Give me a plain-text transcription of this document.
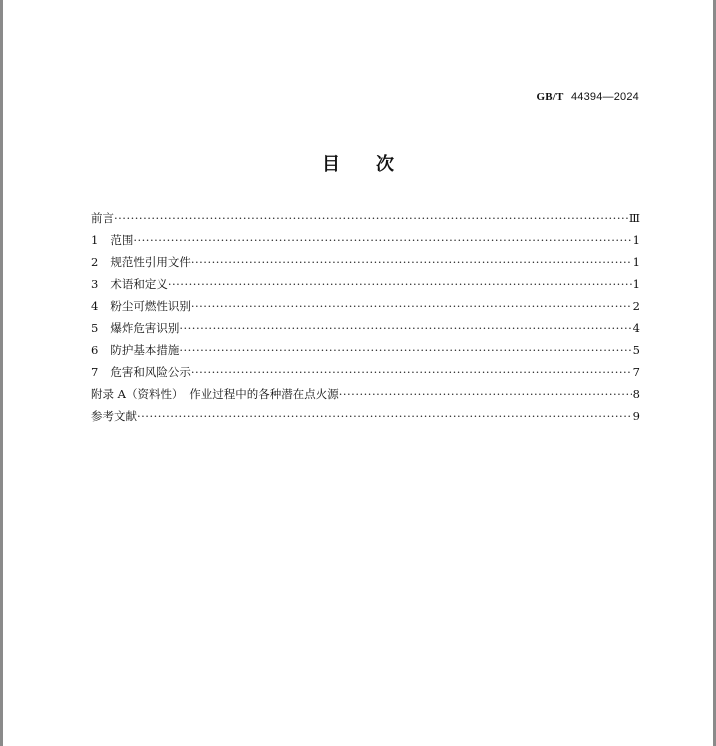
GB/T 44394—2024
目次
前言 ·····	Ⅲ
1 范围 ·····	1
2 规范性引用文件 ·····	1
3 术语和定义 ·····	1
4 粉尘可燃性识别 ·····	2
5 爆炸危害识别 ·····	4
6 防护基本措施 ·····	5
7 危害和风险公示 ·····	7
附录 A（资料性）　作业过程中的各种潜在点火源 ·····	8
参考文献 ·····	9
